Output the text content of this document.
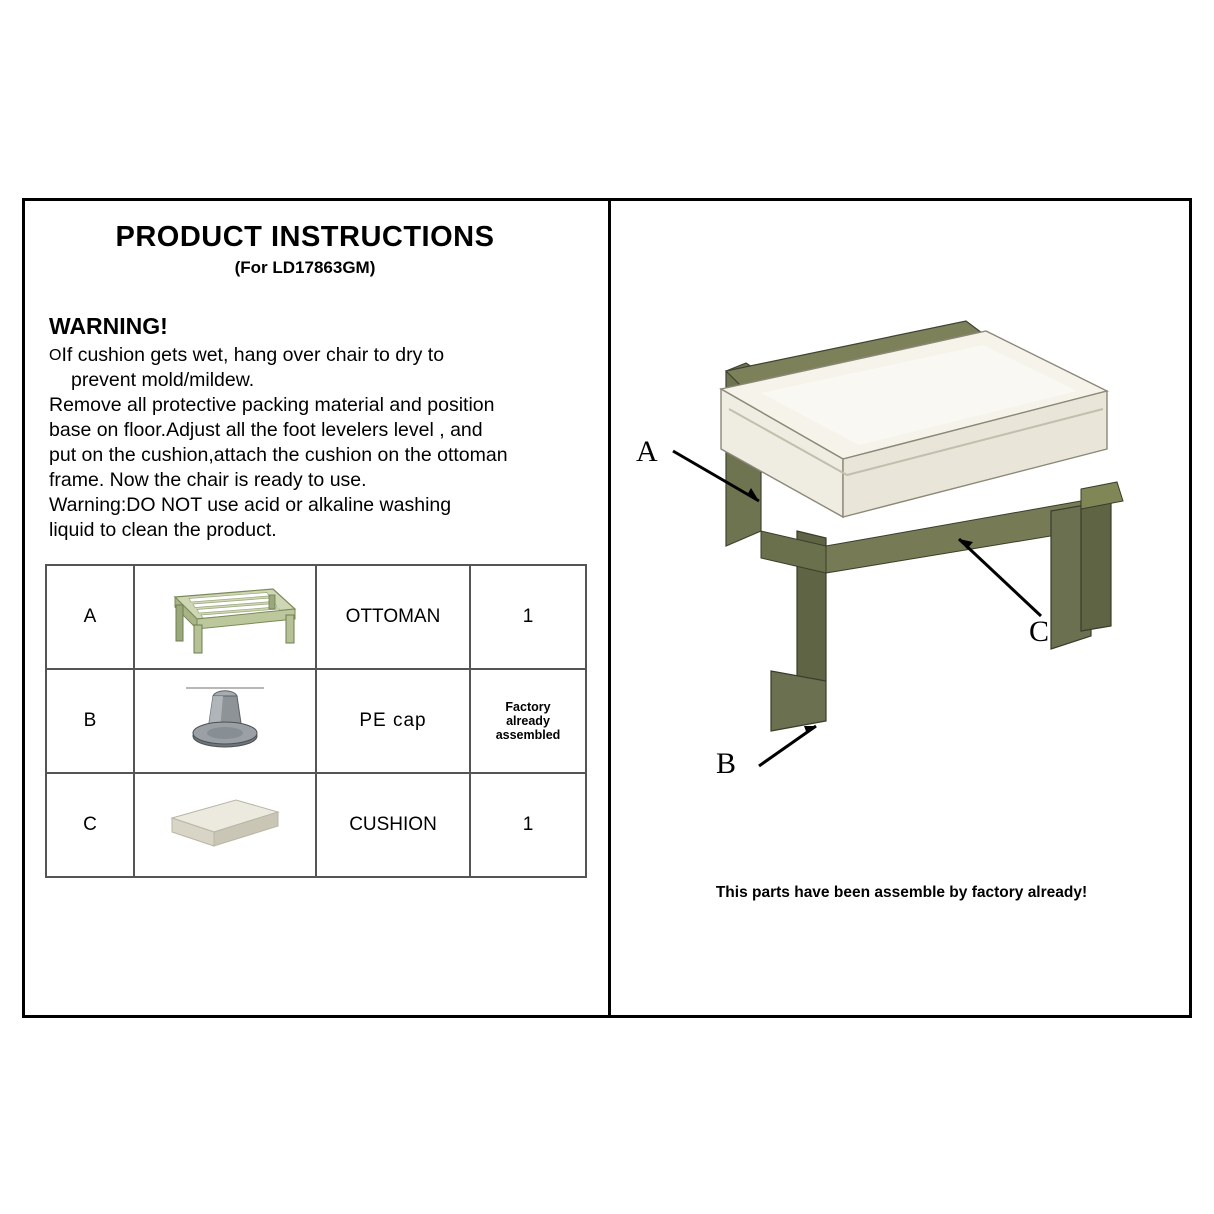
PRODUCT INSTRUCTIONS
(For LD17863GM)
WARNING!

OIf cushion gets wet, hang over chair to dry to

prevent mold/mildew.

Remove all protective packing material and position

base on floor.Adjust all the foot levelers level , and

put on the cushion,attach the cushion on the ottoman

frame. Now the chair is ready to use.

Warning:DO NOT use acid or alkaline washing

liquid to clean the product.

A		OTTOMAN	1
B		PE cap	Factory
already
assembled

C		CUSHION	1
A
B
C
This parts have been assemble by factory already!
